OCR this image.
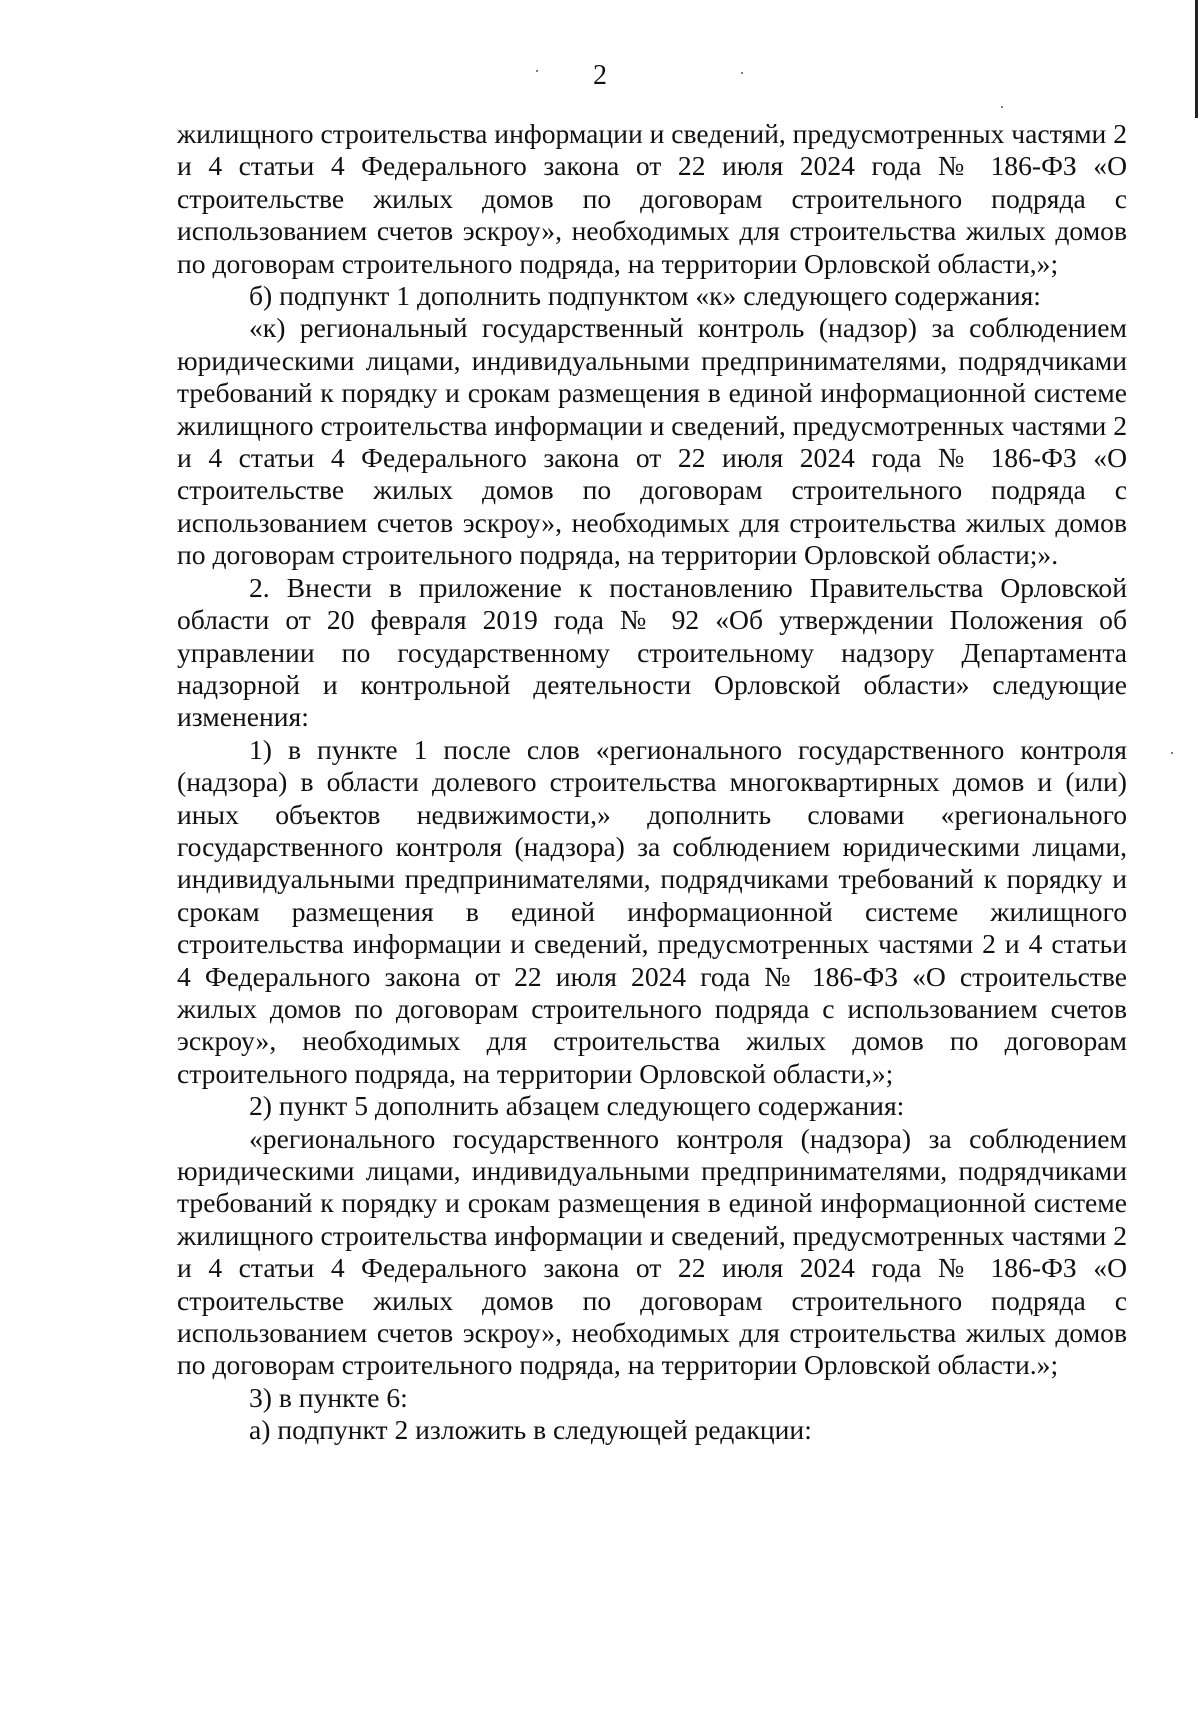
2

жилищного строительства информации и сведений, предусмотренных частями 2 и 4 статьи 4 Федерального закона от 22 июля 2024 года № 186-ФЗ «О строительстве жилых домов по договорам строительного подряда с использованием счетов эскроу», необходимых для строительства жилых домов по договорам строительного подряда, на территории Орловской области,»;

б) подпункт 1 дополнить подпунктом «к» следующего содержания:

«к) региональный государственный контроль (надзор) за соблюдением юридическими лицами, индивидуальными предпринимателями, подрядчиками требований к порядку и срокам размещения в единой информационной системе жилищного строительства информации и сведений, предусмотренных частями 2 и 4 статьи 4 Федерального закона от 22 июля 2024 года № 186-ФЗ «О строительстве жилых домов по договорам строительного подряда с использованием счетов эскроу», необходимых для строительства жилых домов по договорам строительного подряда, на территории Орловской области;».

2. Внести в приложение к постановлению Правительства Орловской области от 20 февраля 2019 года № 92 «Об утверждении Положения об управлении по государственному строительному надзору Департамента надзорной и контрольной деятельности Орловской области» следующие изменения:

1) в пункте 1 после слов «регионального государственного контроля (надзора) в области долевого строительства многоквартирных домов и (или) иных объектов недвижимости,» дополнить словами «регионального государственного контроля (надзора) за соблюдением юридическими лицами, индивидуальными предпринимателями, подрядчиками требований к порядку и срокам размещения в единой информационной системе жилищного строительства информации и сведений, предусмотренных частями 2 и 4 статьи 4 Федерального закона от 22 июля 2024 года № 186-ФЗ «О строительстве жилых домов по договорам строительного подряда с использованием счетов эскроу», необходимых для строительства жилых домов по договорам строительного подряда, на территории Орловской области,»;

2) пункт 5 дополнить абзацем следующего содержания:

«регионального государственного контроля (надзора) за соблюдением юридическими лицами, индивидуальными предпринимателями, подрядчиками требований к порядку и срокам размещения в единой информационной системе жилищного строительства информации и сведений, предусмотренных частями 2 и 4 статьи 4 Федерального закона от 22 июля 2024 года № 186-ФЗ «О строительстве жилых домов по договорам строительного подряда с использованием счетов эскроу», необходимых для строительства жилых домов по договорам строительного подряда, на территории Орловской области.»;

3) в пункте 6:

а) подпункт 2 изложить в следующей редакции:
